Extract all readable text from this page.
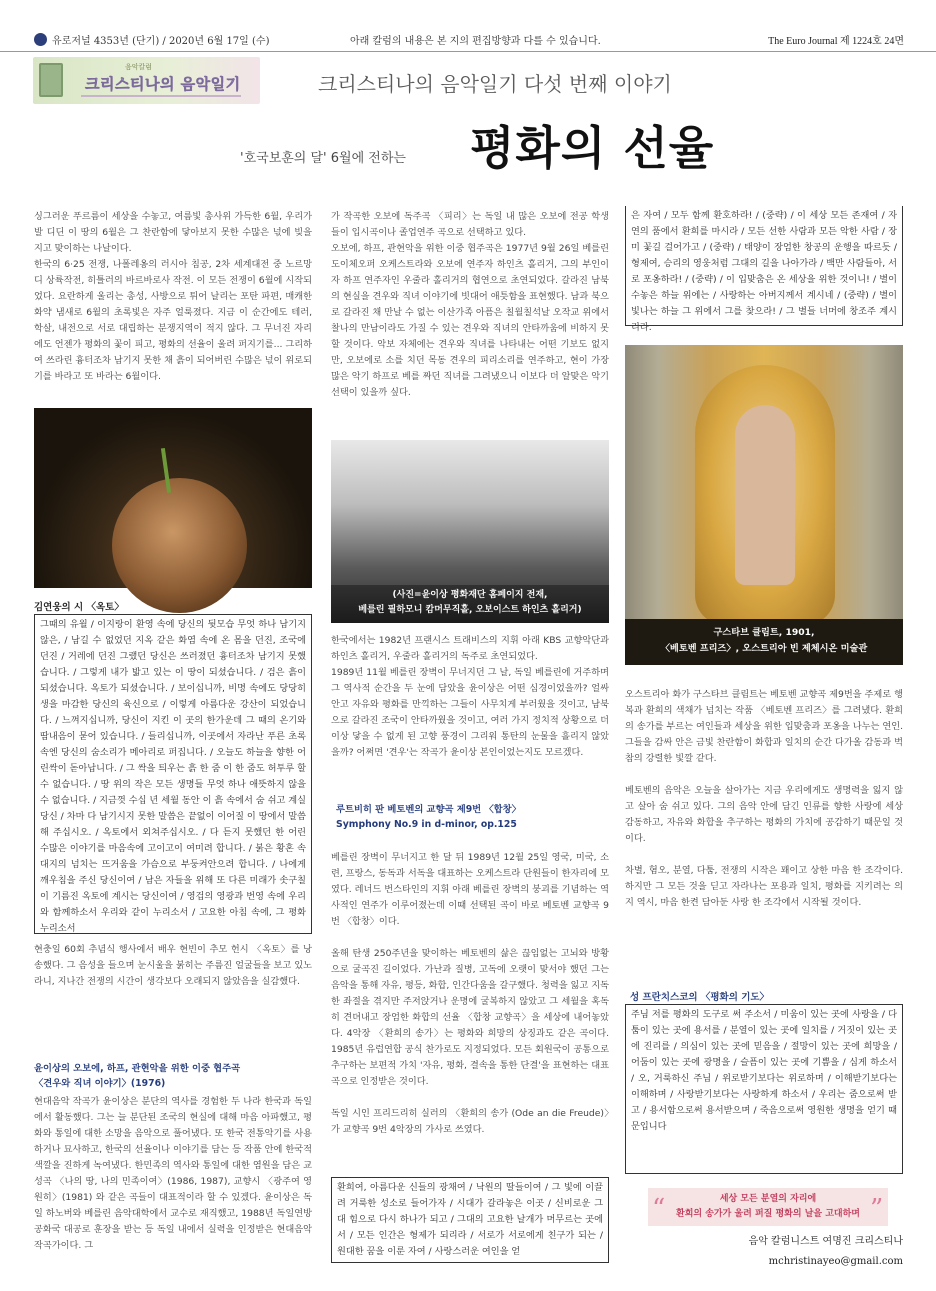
유로저널 4353년 (단기) / 2020년 6월 17일 (수)	아래 칼럼의 내용은 본 지의 편집방향과 다를 수 있습니다.	The Euro Journal 제 1224호 24면
음악칼럼
크리스티나의 음악일기	크리스티나의 음악일기 다섯 번째 이야기
'호국보훈의 달' 6월에 전하는 평화의 선율

싱그러운 푸르름이 세상을 수놓고, 여름빛 총사위 가득한 6월, 우리가 발 디딘 이 땅의 6월은 그 찬란함에 닿아보지 못한 수많은 넋에 빚을 지고 맞이하는 나날이다.

한국의 6·25 전쟁, 나폴레옹의 러시아 침공, 2차 세계대전 중 노르망디 상륙작전, 히틀러의 바르바로사 작전. 이 모든 전쟁이 6월에 시작되었다. 요란하게 울리는 총성, 사방으로 튀어 날리는 포탄 파편, 매캐한 화약 냄새로 6월의 초록빛은 자주 얼룩졌다. 지금 이 순간에도 테러, 학살, 내전으로 서로 대립하는 분쟁지역이 적지 않다. 그 무너진 자리에도 언젠가 평화의 꽃이 피고, 평화의 선율이 울려 퍼지기를... 그리하여 쓰라린 흉터조차 남기지 못한 채 흙이 되어버린 수많은 넋이 위로되기를 바라고 또 바라는 6월이다.

김연웅의 시 〈옥토〉
그때의 유월 / 이지랑이 환영 속에 당신의 뒷모습 무엇 하나 남기지 않은, / 남길 수 없었던 지옥 같은 화염 속에 온 몸을 던진, 조국에 던진 / 거레에 던진 그랬던 당신은 쓰러졌던 흉터조차 남기지 못했습니다. / 그렇게 내가 밟고 있는 이 땅이 되셨습니다. / 검은 흙이 되셨습니다. 옥토가 되셨습니다. / 보이십니까, 비명 속에도 당당히 생을 마감한 당신의 육신으로 / 이렇게 아름다운 강산이 되었습니다. / 느껴지십니까, 당신이 지킨 이 곳의 한가운데 그 때의 온기와 땀내음이 묻어 있습니다. / 들리십니까, 이곳에서 자라난 푸른 초록 속엔 당신의 숨소리가 메아리로 퍼집니다. / 오늘도 하늘을 향한 어린싹이 돋아납니다. / 그 싹을 틔우는 흙 한 줌 이 한 줌도 허투루 할 수 없습니다. / 땅 위의 작은 모든 생명들 무엇 하나 애뜻하지 않을 수 없습니다. / 지금껏 수십 년 세월 동안 이 흙 속에서 숨 쉬고 계실 당신 / 차마 다 남기시지 못한 말씀은 끝없이 이어질 이 땅에서 말씀해 주십시오. / 옥토에서 외쳐주십시오. / 다 듣지 못했던 한 어린 수많은 이야기를 마음속에 고이고이 여미려 합니다. / 붉은 황혼 속 대지의 넘치는 뜨거움을 가슴으로 부둥켜안으려 합니다. / 나에게 깨우침을 주신 당신이여 / 남은 자들을 위해 또 다른 미래가 솟구칠 이 기름진 옥토에 계시는 당신이여 / 영겁의 영광과 번영 속에 우리와 함께하소서 우리와 같이 누리소서 / 고요한 아침 속에, 그 평화 누리소서

현충일 60회 추념식 행사에서 배우 현빈이 추모 헌시 〈옥토〉를 낭송했다. 그 음성을 들으며 눈시울을 붉히는 주름진 얼굴들을 보고 있노라니, 지나간 전쟁의 시간이 생각보다 오래되지 않았음을 실감했다.

윤이상의 오보에, 하프, 관현악을 위한 이중 협주곡
〈견우와 직녀 이야기〉(1976)

현대음악 작곡가 윤이상은 분단의 역사를 경험한 두 나라 한국과 독일에서 활동했다. 그는 늘 분단된 조국의 현실에 대해 마음 아파했고, 평화와 통일에 대한 소망을 음악으로 풀어냈다. 또 한국 전통악기를 사용하거나 묘사하고, 한국의 선율이나 이야기를 담는 등 작품 안에 한국적 색깔을 진하게 녹여냈다. 한민족의 역사와 통일에 대한 염원을 담은 교성곡 〈나의 땅, 나의 민족이여〉(1986, 1987), 교향시 〈광주여 영원히〉(1981) 와 같은 곡들이 대표적이라 할 수 있겠다. 윤이상은 독일 하노버와 베를린 음악대학에서 교수로 재직했고, 1988년 독일연방공화국 대공로 훈장을 받는 등 독일 내에서 실력을 인정받은 현대음악 작곡가이다. 그

가 작곡한 오보에 독주곡 〈피리〉는 독일 내 많은 오보에 전공 학생들이 입시곡이나 졸업연주 곡으로 선택하고 있다.

오보에, 하프, 관현악을 위한 이중 협주곡은 1977년 9월 26일 베를린 도이체오퍼 오케스트라와 오보에 연주자 하인츠 홀리거, 그의 부인이자 하프 연주자인 우줄라 홀리거의 협연으로 초연되었다. 갈라진 남북의 현실을 견우와 직녀 이야기에 빗대어 애틋함을 표현했다. 남과 북으로 갈라진 채 만날 수 없는 이산가족 아픔은 칠월칠석날 오작교 위에서 찰나의 만남이라도 가질 수 있는 견우와 직녀의 안타까움에 비하지 못할 것이다. 악보 자체에는 견우와 직녀를 나타내는 어떤 기보도 없지만, 오보에로 소를 치던 목동 견우의 피리소리를 연주하고, 현이 가장 많은 악기 하프로 베를 짜던 직녀를 그려냈으니 이보다 더 알맞은 악기 선택이 있을까 싶다.

(사진=윤이상 평화재단 홈페이지 전재,
베를린 필하모니 캄머무직홀, 오보이스트 하인츠 홀리거)

한국에서는 1982년 프랜시스 트래비스의 지휘 아래 KBS 교향악단과 하인츠 홀리거, 우줄라 홀리거의 독주로 초연되었다.

1989년 11월 베를린 장벽이 무너지던 그 날, 독일 베를린에 거주하며 그 역사적 순간을 두 눈에 담았을 윤이상은 어떤 심경이었을까? 얼싸안고 자유와 평화를 만끽하는 그들이 사무치게 부러웠을 것이고, 남북으로 갈라진 조국이 안타까웠을 것이고, 여러 가지 정치적 상황으로 더이상 닿을 수 없게 된 고향 풍경이 그리워 통탄의 눈물을 흘리지 않았을까? 어쩌면 '견우'는 작곡가 윤이상 본인이었는지도 모르겠다.

루트비히 판 베토벤의 교향곡 제9번 〈합창〉
Symphony No.9 in d-minor, op.125

베를린 장벽이 무너지고 한 달 뒤 1989년 12월 25일 영국, 미국, 소련, 프랑스, 동독과 서독을 대표하는 오케스트라 단원들이 한자리에 모였다. 레너드 번스타인의 지휘 아래 베를린 장벽의 붕괴를 기념하는 역사적인 연주가 이루어졌는데 이때 선택된 곡이 바로 베토벤 교향곡 9번 〈합창〉이다.

올해 탄생 250주년을 맞이하는 베토벤의 삶은 끊임없는 고뇌와 방황으로 굴곡진 길이었다. 가난과 질병, 고독에 오랫이 맞서야 했던 그는 음악을 통해 자유, 평등, 화합, 인간다움을 갈구했다. 청력을 잃고 지독한 좌절을 겪지만 주저앉거나 운명에 굴복하지 않았고 그 세월을 혹독히 견뎌내고 장엄한 화합의 선율 〈합창 교향곡〉을 세상에 내어놓았다. 4악장 〈환희의 송가〉는 평화와 희망의 상징과도 같은 곡이다. 1985년 유럽연합 공식 찬가로도 지정되었다. 모든 회원국이 공통으로 추구하는 보편적 가치 '자유, 평화, 결속을 통한 단결'을 표현하는 대표곡으로 인정받은 것이다.

독일 시인 프리드리히 실러의 〈환희의 송가 (Ode an die Freude)〉가 교향곡 9번 4악장의 가사로 쓰였다.

환희여, 아름다운 신들의 광채여 / 낙원의 딸들이여 / 그 빛에 이끌려 거룩한 성소로 들어가자 / 시대가 갈라놓은 이곳 / 신비로운 그대 힘으로 다시 하나가 되고 / 그대의 고요한 날개가 머무르는 곳에서 / 모든 인간은 형제가 되리라 / 서로가 서로에게 친구가 되는 / 원대한 꿈을 이룬 자여 / 사랑스러운 여인을 얻
은 자여 / 모두 함께 환호하라! / (중략) / 이 세상 모든 존재여 / 자연의 품에서 환희를 마시라 / 모든 선한 사람과 모든 악한 사람 / 장미 꽃길 걸어가고 / (중략) / 태양이 장엄한 창공의 운행을 따르듯 / 형제여, 승리의 영웅처럼 그대의 길을 나아가라 / 백만 사람들아, 서로 포옹하라! / (중략) / 이 입맞춤은 온 세상을 위한 것이니! / 별이 수놓은 하늘 위에는 / 사랑하는 아버지께서 계시네 / (중략) / 별이 빛나는 하늘 그 위에서 그를 찾으라! / 그 별들 너머에 창조주 계시리라.
구스타브 클림트, 1901,
〈베토벤 프리즈〉, 오스트리아 빈 제체시온 미술관

오스트리아 화가 구스타브 클림트는 베토벤 교향곡 제9번을 주제로 행복과 환희의 색채가 넘치는 작품 〈베토벤 프리즈〉를 그려냈다. 환희의 송가를 부르는 여인들과 세상을 위한 입맞춤과 포옹을 나누는 연인. 그들을 감싸 안은 금빛 찬란함이 화합과 일치의 순간 다가올 감동과 벅참의 강렬한 빛깔 같다.

베토벤의 음악은 오늘을 살아가는 지금 우리에게도 생명력을 잃지 않고 살아 숨 쉬고 있다. 그의 음악 안에 담긴 인류를 향한 사랑에 세상 감동하고, 자유와 화합을 추구하는 평화의 가치에 공감하기 때문일 것이다.

차별, 혐오, 분열, 다툼, 전쟁의 시작은 꽤이고 상한 마음 한 조각이다. 하지만 그 모든 것을 딛고 자라나는 포용과 일치, 평화를 지키려는 의지 역시, 마음 한켠 담아둔 사랑 한 조각에서 시작될 것이다.

성 프란치스코의 〈평화의 기도〉
주님 저를 평화의 도구로 써 주소서 / 미움이 있는 곳에 사랑을 / 다툼이 있는 곳에 용서를 / 분열이 있는 곳에 일치를 / 거짓이 있는 곳에 진리를 / 의심이 있는 곳에 믿음을 / 절망이 있는 곳에 희망을 / 어둠이 있는 곳에 광명을 / 슬픔이 있는 곳에 기쁨을 / 심게 하소서 / 오, 거룩하신 주님 / 위로받기보다는 위로하며 / 이해받기보다는 이해하며 / 사랑받기보다는 사랑하게 하소서 / 우리는 줌으로써 받고 / 용서함으로써 용서받으며 / 죽음으로써 영원한 생명을 얻기 때문입니다
세상 모든 분열의 자리에
환희의 송가가 울려 퍼질 평화의 날을 고대하며
“	”
음악 칼럼니스트 여명진 크리스티나
mchristinayeo@gmail.com
